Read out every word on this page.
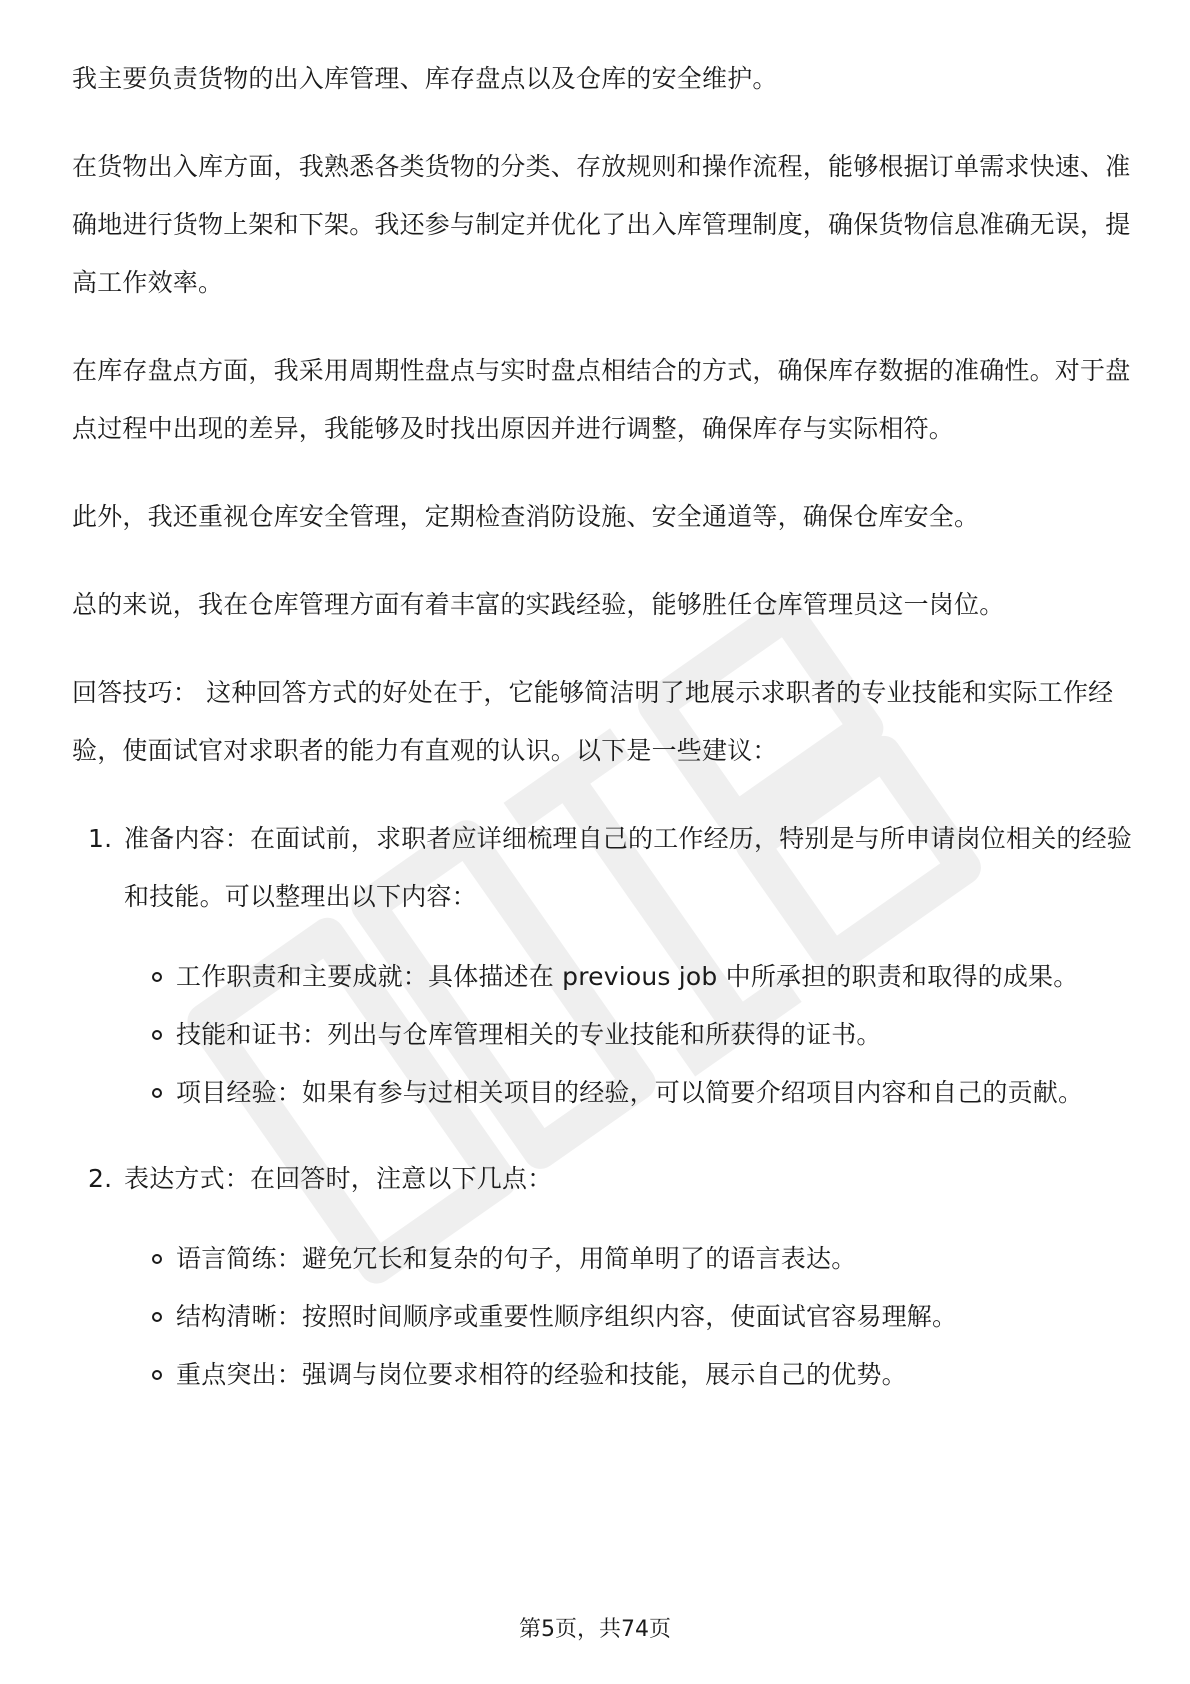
我主要负责货物的出入库管理、库存盘点以及仓库的安全维护。

在货物出入库方面，我熟悉各类货物的分类、存放规则和操作流程，能够根据订单需求快速、准确地进行货物上架和下架。我还参与制定并优化了出入库管理制度，确保货物信息准确无误，提高工作效率。

在库存盘点方面，我采用周期性盘点与实时盘点相结合的方式，确保库存数据的准确性。对于盘点过程中出现的差异，我能够及时找出原因并进行调整，确保库存与实际相符。

此外，我还重视仓库安全管理，定期检查消防设施、安全通道等，确保仓库安全。

总的来说，我在仓库管理方面有着丰富的实践经验，能够胜任仓库管理员这一岗位。

回答技巧： 这种回答方式的好处在于，它能够简洁明了地展示求职者的专业技能和实际工作经验，使面试官对求职者的能力有直观的认识。以下是一些建议：

1. 准备内容：在面试前，求职者应详细梳理自己的工作经历，特别是与所申请岗位相关的经验和技能。可以整理出以下内容：
工作职责和主要成就：具体描述在 previous job 中所承担的职责和取得的成果。
技能和证书：列出与仓库管理相关的专业技能和所获得的证书。
项目经验：如果有参与过相关项目的经验，可以简要介绍项目内容和自己的贡献。
2. 表达方式：在回答时，注意以下几点：
语言简练：避免冗长和复杂的句子，用简单明了的语言表达。
结构清晰：按照时间顺序或重要性顺序组织内容，使面试官容易理解。
重点突出：强调与岗位要求相符的经验和技能，展示自己的优势。
第5页，共74页
